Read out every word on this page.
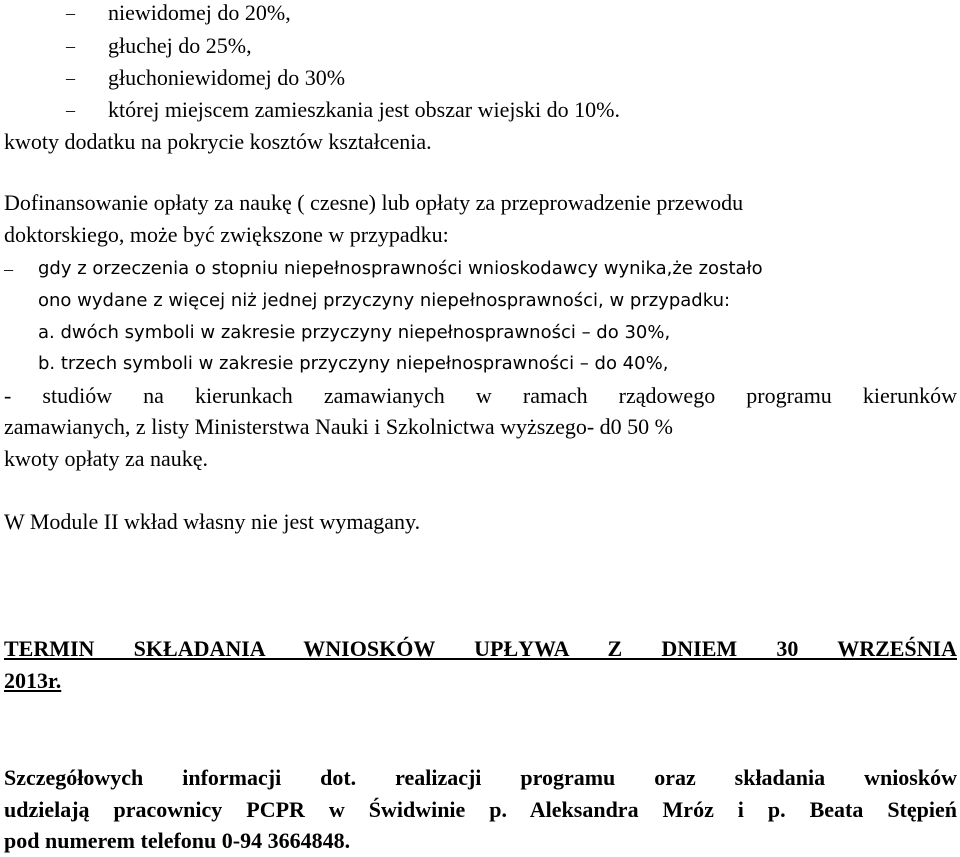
– niewidomej do 20%,
– głuchej do 25%,
– głuchoniewidomej do 30%
– której miejscem zamieszkania jest obszar wiejski do 10%.
kwoty dodatku na pokrycie kosztów kształcenia.
Dofinansowanie opłaty za naukę ( czesne) lub opłaty za przeprowadzenie przewodu
doktorskiego, może być zwiększone w przypadku:
– gdy z orzeczenia o stopniu niepełnosprawności wnioskodawcy wynika,że zostało
ono wydane z więcej niż jednej przyczyny niepełnosprawności, w przypadku:
a. dwóch symboli w zakresie przyczyny niepełnosprawności – do 30%,
b. trzech symboli w zakresie przyczyny niepełnosprawności – do 40%,
- studiów na kierunkach zamawianych w ramach rządowego programu kierunków
zamawianych, z listy Ministerstwa Nauki i Szkolnictwa wyższego- d0 50 %
kwoty opłaty za naukę.
W Module II wkład własny nie jest wymagany.
TERMIN SKŁADANIA WNIOSKÓW UPŁYWA Z DNIEM 30 WRZEŚNIA
2013r.
Szczegółowych informacji dot. realizacji programu oraz składania wniosków
udzielają pracownicy PCPR w Świdwinie p. Aleksandra Mróz i p. Beata Stępień
pod numerem telefonu 0-94 3664848.
